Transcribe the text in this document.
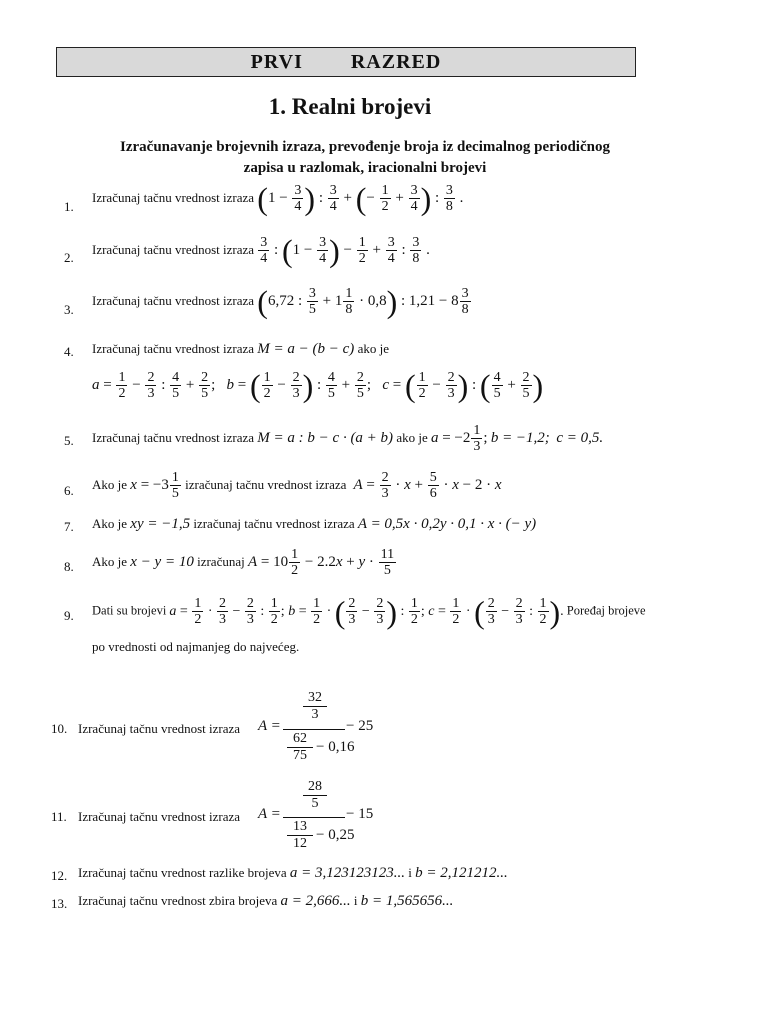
PRVI   RAZRED
1. Realni brojevi
Izračunavanje brojevnih izraza, prevođenje broja iz decimalnog periodičnog
zapisa u razlomak, iracionalni brojevi
1.
Izračunaj tačnu vrednost izraza ($1 - \frac{3}{4}$ ) : $\frac{3}{4}$ + (− $\frac{1}{2} + \frac{3}{4}$ ) : $\frac{3}{8}$ .
2.
Izračunaj tačnu vrednost izraza $\frac{3}{4}$ : ($1 - \frac{3}{4}$ ) − $\frac{1}{2} + \frac{3}{4}$ : $\frac{3}{8}$ .
3.
Izračunaj tačnu vrednost izraza (6,72 : $\frac{3}{5} + 1 \frac{1}{8} \cdot 0,8$) : $1,21 - 8 \frac{3}{8}$
4. Izračunaj tačnu vrednost izraza M = a − (b − c) ako je
$a = \frac{1}{2} - \frac{2}{3}$ : $\frac{4}{5} + \frac{2}{5}$ ;   b = ( $\frac{1}{2} - \frac{2}{3}$ ) : $\frac{4}{5} + \frac{2}{5}$ ;   c = ( $\frac{1}{2} - \frac{2}{3}$ ) : ( $\frac{4}{5} + \frac{2}{5}$ )
5. Izračunaj tačnu vrednost izraza M = a : b − c · (a + b) ako je $a = -2 \frac{1}{3}$ ; b = −1,2; c = 0,5.
6. Ako je $x = -3 \frac{1}{5}$ izračunaj tačnu vrednost izraza $A = \frac{2}{3} \cdot x + \frac{5}{6} \cdot x - 2 \cdot x$
7. Ako je xy = −1,5 izračunaj tačnu vrednost izraza A = 0,5x · 0,2y · 0,1 · x · (− y)
8. Ako je x − y = 10 izračunaj $A = 10 \frac{1}{2} - 2.2x + y \cdot \frac{11}{5}$
9. Dati su brojevi $a = \frac{1}{2} \cdot \frac{2}{3} - \frac{2}{3}$ : $\frac{1}{2}$ ; $b = \frac{1}{2}$ · ( $\frac{2}{3} - \frac{2}{3}$ ) : $\frac{1}{2}$ ; $c = \frac{1}{2}$ · ( $\frac{2}{3} - \frac{2}{3}$ : $\frac{1}{2}$ ). Poređaj brojeve
po vrednosti od najmanjeg do najvećeg.
10. Izračunaj tačnu vrednost izraza A =
32
3
62
75
− 0,16
− 25
11. Izračunaj tačnu vrednost izraza A =
28
5
13
12
− 0,25
− 15
12. Izračunaj tačnu vrednost razlike brojeva a = 3,123123123... i b = 2,121212...
13. Izračunaj tačnu vrednost zbira brojeva a = 2,666... i b = 1,565656...
